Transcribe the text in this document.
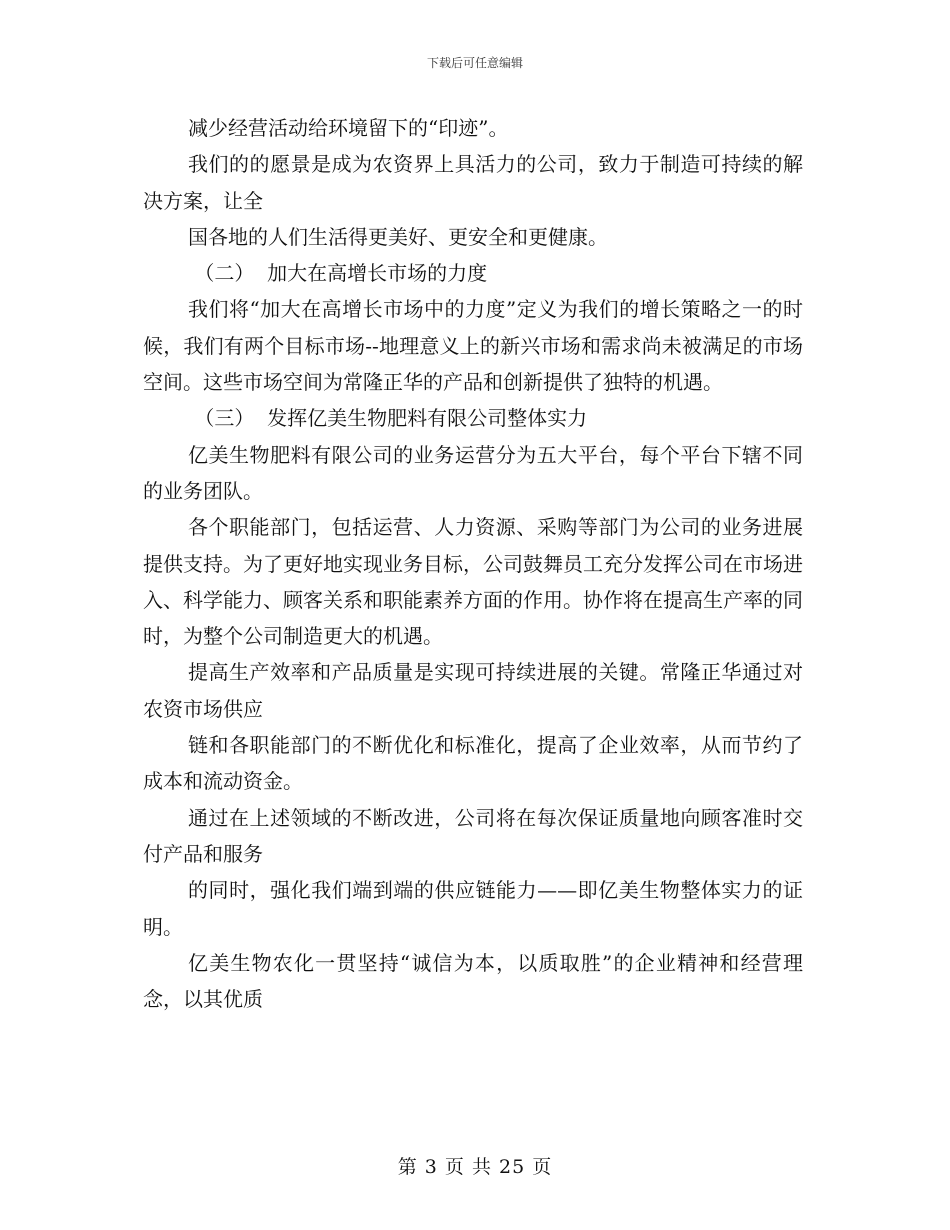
下载后可任意编辑

减少经营活动给环境留下的“印迹”。

我们的的愿景是成为农资界上具活力的公司，致力于制造可持续的解决方案，让全

国各地的人们生活得更美好、更安全和更健康。

（二）  加大在高增长市场的力度

我们将“加大在高增长市场中的力度”定义为我们的增长策略之一的时候，我们有两个目标市场--地理意义上的新兴市场和需求尚未被满足的市场空间。这些市场空间为常隆正华的产品和创新提供了独特的机遇。

（三）  发挥亿美生物肥料有限公司整体实力

亿美生物肥料有限公司的业务运营分为五大平台，每个平台下辖不同的业务团队。

各个职能部门，包括运营、人力资源、采购等部门为公司的业务进展提供支持。为了更好地实现业务目标，公司鼓舞员工充分发挥公司在市场进入、科学能力、顾客关系和职能素养方面的作用。协作将在提高生产率的同时，为整个公司制造更大的机遇。

提高生产效率和产品质量是实现可持续进展的关键。常隆正华通过对农资市场供应

链和各职能部门的不断优化和标准化，提高了企业效率，从而节约了成本和流动资金。

通过在上述领域的不断改进，公司将在每次保证质量地向顾客准时交付产品和服务

的同时，强化我们端到端的供应链能力——即亿美生物整体实力的证明。

亿美生物农化一贯坚持“诚信为本，以质取胜”的企业精神和经营理念，以其优质

第 3 页 共 25 页
